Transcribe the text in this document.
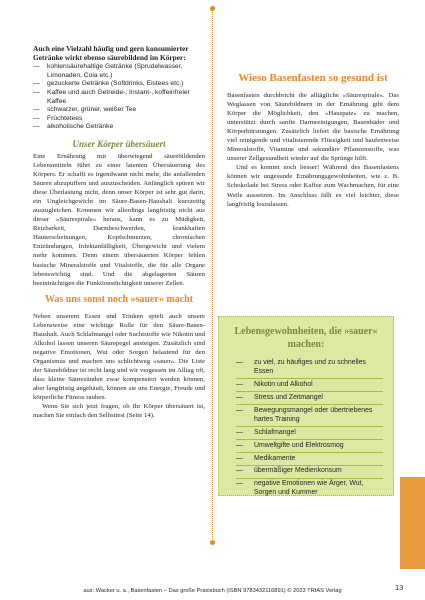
Auch eine Vielzahl häufig und gern konsumierter Getränke wirkt ebenso säurebildend im Körper:

— kohlensäurehaltige Getränke (Sprudelwasser, Limonaden, Cola etc.)
— gezuckerte Getränke (Softdrinks, Eistees etc.)
— Kaffee und auch Getreide-, Instant-, koffeinfreier Kaffee
— schwarzer, grüner, weißer Tee
— Früchtetees
— alkoholische Getränke
Unser Körper übersäuert

Eine Ernährung mit überwiegend säurebildenden Lebensmitteln führt zu einer latenten Übersäuerung des Körpers. Er schafft es irgendwann nicht mehr, die anfallenden Säuren abzupuffern und auszuscheiden. Anfänglich spüren wir diese Überlastung nicht, denn unser Körper ist sehr gut darin, ein Ungleichgewicht im Säure-Basen-Haushalt kurzzeitig auszugleichen. Kommen wir allerdings langfristig nicht aus dieser »Säurespirale« heraus, kann es zu Müdigkeit, Reizbarkeit, Darmbeschwerden, krankhaften Hauterscheinungen, Kopfschmerzen, chronischen Entzündungen, Infektanfälligkeit, Übergewicht und vielem mehr kommen. Denn einem übersäuerten Körper fehlen basische Mineralstoffe und Vitalstoffe, die für alle Organe lebenswichtig sind. Und die abgelagerten Säuren beeinträchtigen die Funktionstüchtigkeit unserer Zellen.

Was uns sonst noch »sauer« macht

Neben unserem Essen und Trinken spielt auch unsere Lebensweise eine wichtige Rolle für den Säure-Basen-Haushalt. Auch Schlafmangel oder Suchtstoffe wie Nikotin und Alkohol lassen unseren Säurepegel ansteigen. Zusätzlich sind negative Emotionen, Wut oder Sorgen belastend für den Organismus und machen uns schlichtweg »sauer«. Die Liste der Säurebildner ist recht lang und wir vergessen im Alltag oft, dass kleine Säuresünden zwar kompensiert werden können, aber langfristig angehäuft, können sie uns Energie, Freude und körperliche Fitness rauben.

Wenn Sie sich jetzt fragen, ob Ihr Körper übersäuert ist, machen Sie einfach den Selbsttest (Seite 14).

Wieso Basenfasten so gesund ist

Basenfasten durchbricht die alltägliche »Säurespirale«. Das Weglassen von Säurebildnern in der Ernährung gibt dem Körper die Möglichkeit, den »Hauspatz« zu machen, unterstützt durch sanfte Darmreinigungen, Basenbäder und Körperbürstungen. Zusätzlich liefert die basische Ernährung viel reinigende und vitalisierende Flüssigkeit und haufenweise Mineralstoffe, Vitamine und sekundäre Pflanzenstoffe, was unserer Zellgesundheit wieder auf die Sprünge hilft.

Und es kommt noch besser! Während des Basenfastens können wir ungesunde Ernährungsgewohnheiten, wie z. B. Schokolade bei Stress oder Kaffee zum Wachmachen, für eine Weile aussetzen. Im Anschluss fällt es viel leichter, diese langfristig loszulassen.

Lebensgewohnheiten, die »sauer« machen:
— zu viel, zu häufiges und zu schnelles Essen
— Nikotin und Alkohol
— Stress und Zeitmangel
— Bewegungsmangel oder übertriebenes hartes Training
— Schlafmangel
— Umweltgifte und Elektrosmog
— Medikamente
— übermäßiger Medienkonsum
— negative Emotionen wie Ärger, Wut, Sorgen und Kummer
13
aus: Wacker u. a., Basenfasten – Das große Praxisbuch (ISBN 9783432116891) © 2023 TRIAS Verlag
